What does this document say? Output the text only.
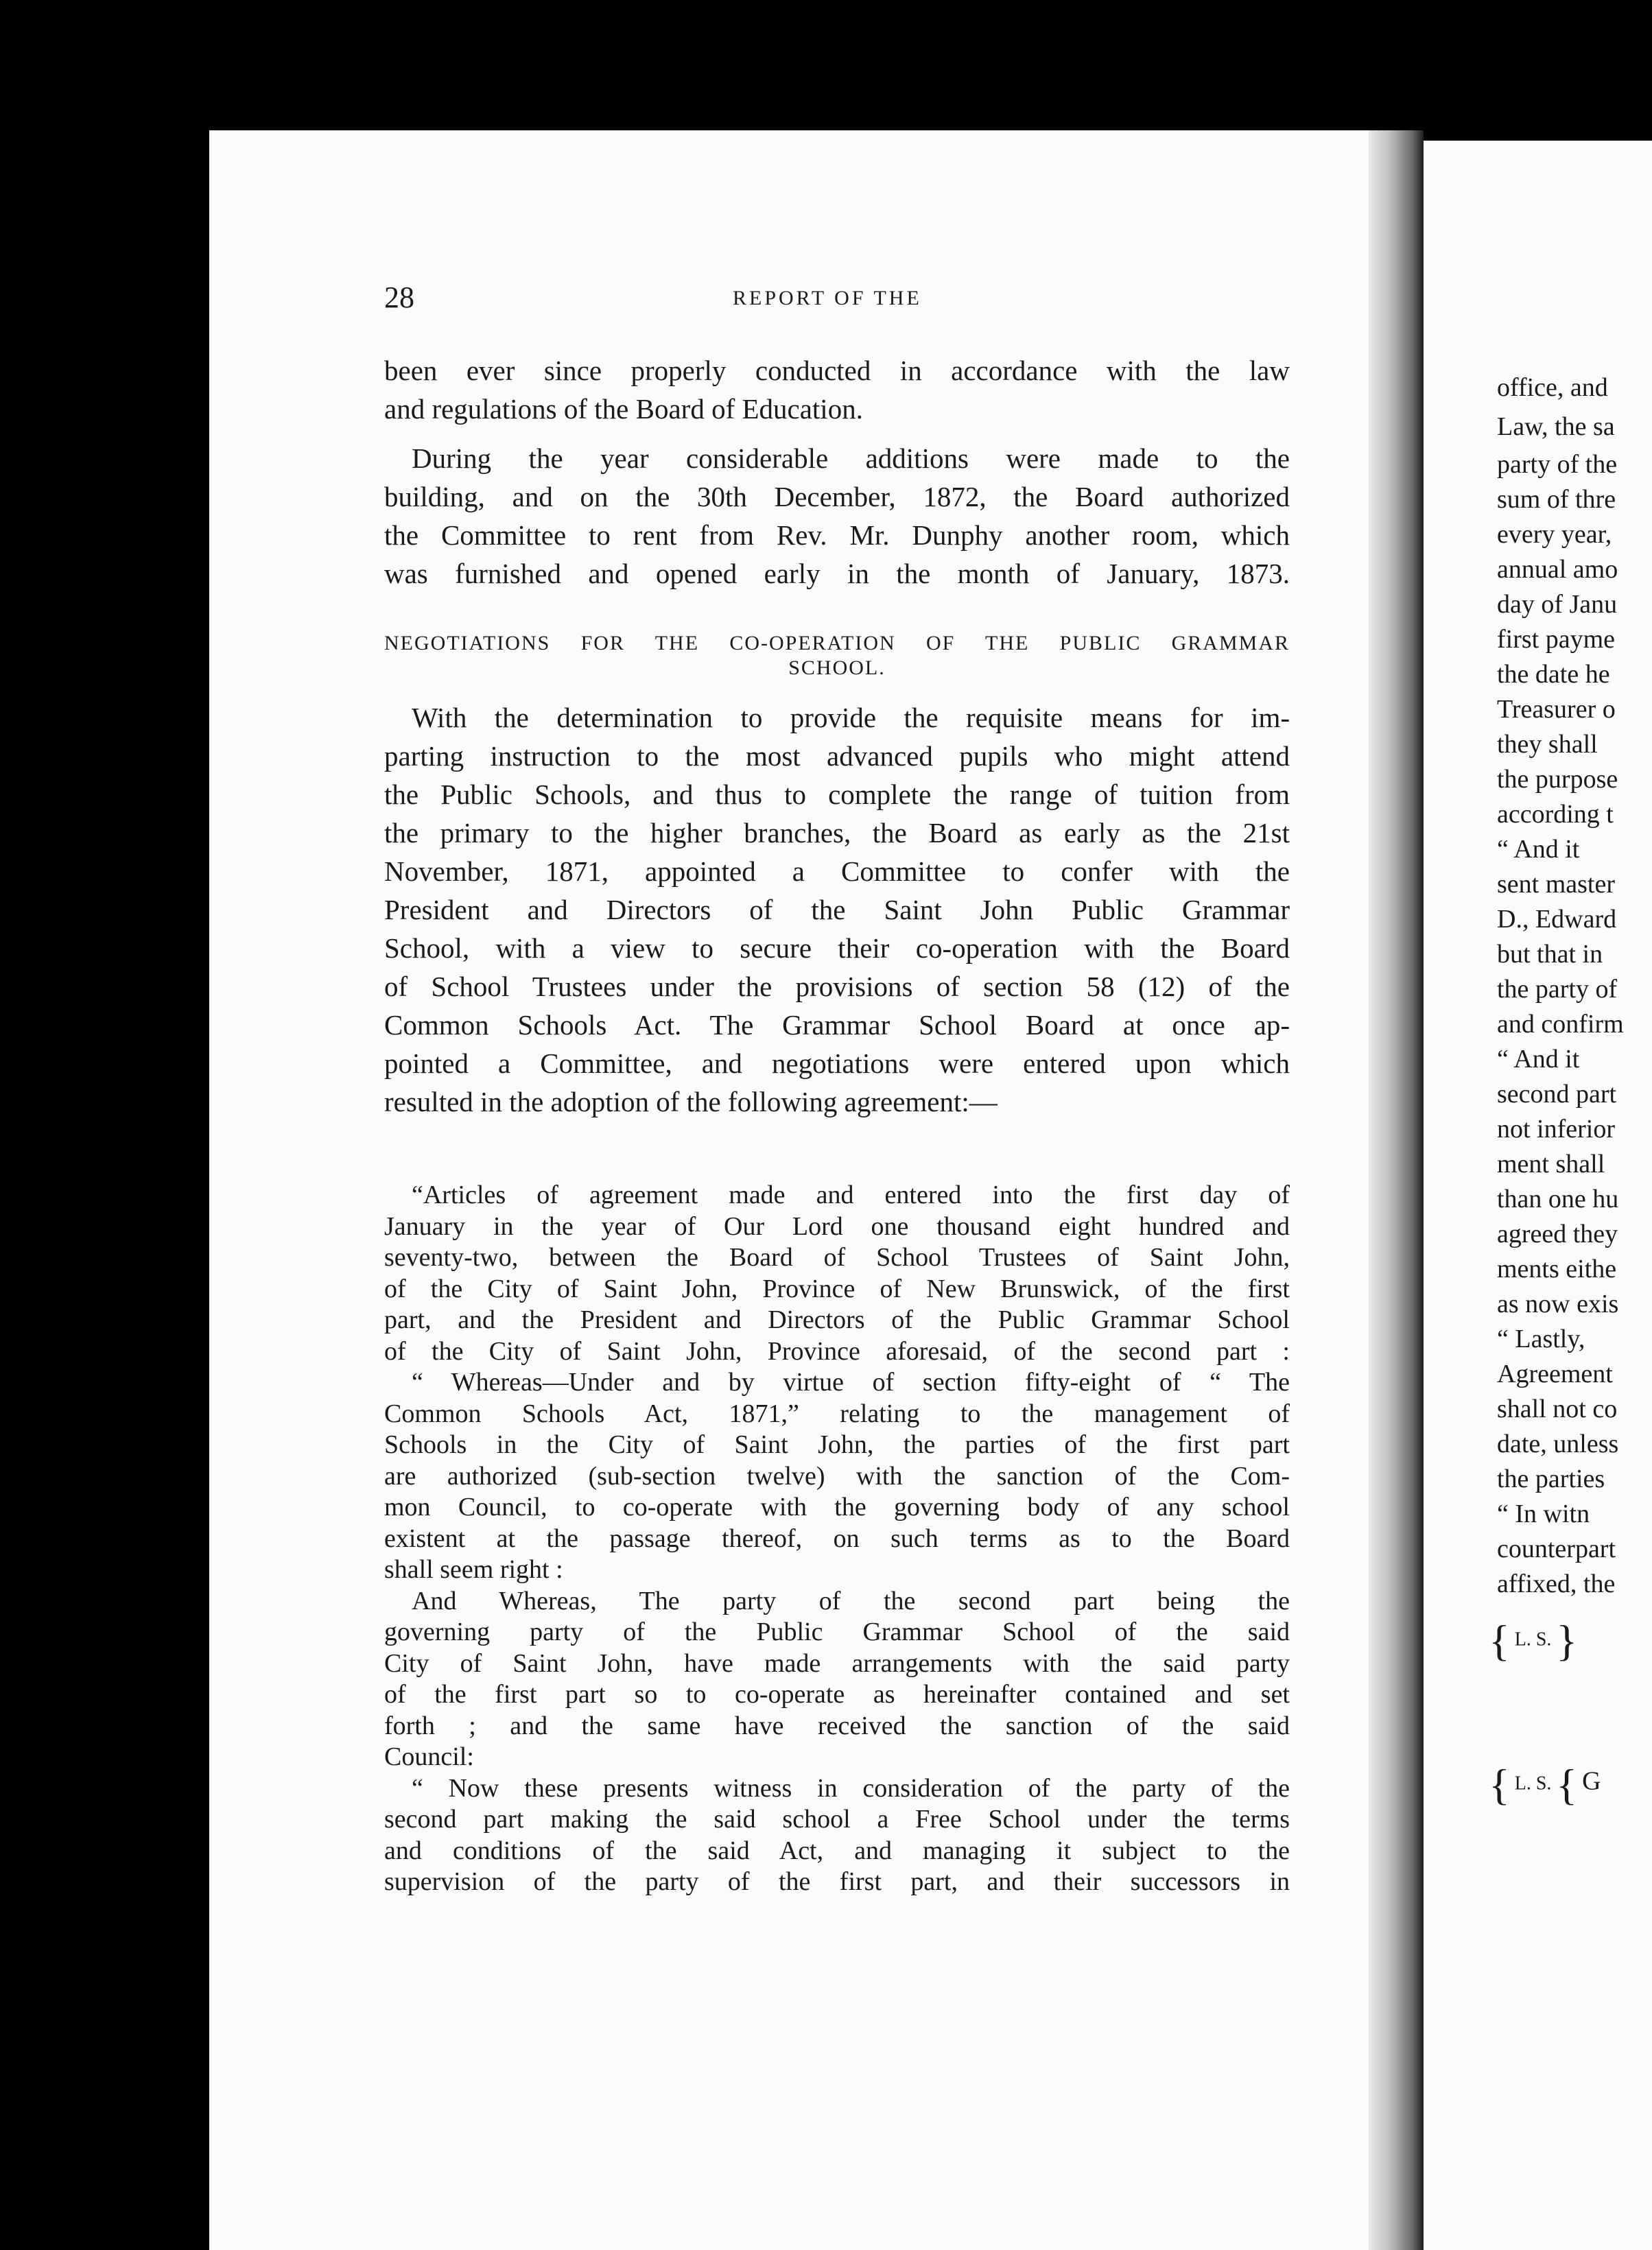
28	REPORT OF THE
been ever since properly conducted in accordance with the law
and regulations of the Board of Education.
During the year considerable additions were made to the
building, and on the 30th December, 1872, the Board authorized
the Committee to rent from Rev. Mr. Dunphy another room, which
was furnished and opened early in the month of January, 1873.
NEGOTIATIONS FOR THE CO-OPERATION OF THE PUBLIC GRAMMAR
SCHOOL.
With the determination to provide the requisite means for im-
parting instruction to the most advanced pupils who might attend
the Public Schools, and thus to complete the range of tuition from
the primary to the higher branches, the Board as early as the 21st
November, 1871, appointed a Committee to confer with the
President and Directors of the Saint John Public Grammar
School, with a view to secure their co-operation with the Board
of School Trustees under the provisions of section 58 (12) of the
Common Schools Act. The Grammar School Board at once ap-
pointed a Committee, and negotiations were entered upon which
resulted in the adoption of the following agreement:—
“Articles of agreement made and entered into the first day of
January in the year of Our Lord one thousand eight hundred and
seventy-two, between the Board of School Trustees of Saint John,
of the City of Saint John, Province of New Brunswick, of the first
part, and the President and Directors of the Public Grammar School
of the City of Saint John, Province aforesaid, of the second part :
“ Whereas—Under and by virtue of section fifty-eight of “ The
Common Schools Act, 1871,” relating to the management of
Schools in the City of Saint John, the parties of the first part
are authorized (sub-section twelve) with the sanction of the Com-
mon Council, to co-operate with the governing body of any school
existent at the passage thereof, on such terms as to the Board
shall seem right :
And Whereas, The party of the second part being the
governing party of the Public Grammar School of the said
City of Saint John, have made arrangements with the said party
of the first part so to co-operate as hereinafter contained and set
forth ; and the same have received the sanction of the said
Council:
“ Now these presents witness in consideration of the party of the
second part making the said school a Free School under the terms
and conditions of the said Act, and managing it subject to the
supervision of the party of the first part, and their successors in
office, and
Law, the sa
party of the
sum of thre
every year,
annual amo
day of Janu
first payme
the date he
Treasurer o
they shall
the purpose
according t
“ And it
sent master
D., Edward
but that in
the party of
and confirm
“ And it
second part
not inferior
ment shall
than one hu
agreed they
ments eithe
as now exis
“ Lastly,
Agreement
shall not co
date, unless
the parties
“ In witn
counterpart
affixed, the
{ L. S. }
{ L. S. { G
